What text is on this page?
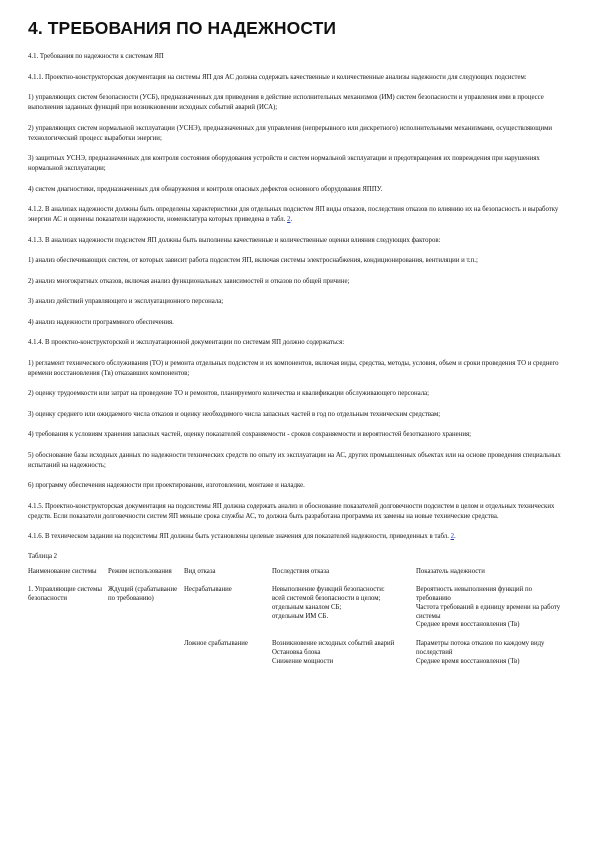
4. ТРЕБОВАНИЯ ПО НАДЕЖНОСТИ

4.1. Требования по надежности к системам ЯП

4.1.1. Проектно-конструкторская документация на системы ЯП для АС должна содержать качественные и количественные анализы надежности для следующих подсистем:

1) управляющих систем безопасности (УСБ), предназначенных для приведения в действие исполнительных механизмов (ИМ) систем безопасности и управления ими в процессе выполнения заданных функций при возникновении исходных событий аварий (ИСА);

2) управляющих систем нормальной эксплуатации (УСНЭ), предназначенных для управления (непрерывного или дискретного) исполнительными механизмами, осуществляющими технологический процесс выработки энергии;

3) защитных УСНЭ, предназначенных для контроля состояния оборудования устройств и систем нормальной эксплуатации и предотвращения их повреждения при нарушениях нормальной эксплуатации;

4) систем диагностики, предназначенных для обнаружения и контроля опасных дефектов основного оборудования ЯППУ.

4.1.2. В анализах надежности должны быть определены характеристики для отдельных подсистем ЯП виды отказов, последствия отказов по влиянию их на безопасность и выработку энергии АС и оценены показатели надежности, номенклатура которых приведена в табл. 2.

4.1.3. В анализах надежности подсистем ЯП должны быть выполнены качественные и количественные оценки влияния следующих факторов:

1) анализ обеспечивающих систем, от которых зависит работа подсистем ЯП, включая системы электроснабжения, кондиционирования, вентиляции и т.п.;

2) анализ многократных отказов, включая анализ функциональных зависимостей и отказов по общей причине;

3) анализ действий управляющего и эксплуатационного персонала;

4) анализ надежности программного обеспечения.

4.1.4. В проектно-конструкторской и эксплуатационной документации по системам ЯП должно содержаться:

1) регламент технического обслуживания (ТО) и ремонта отдельных подсистем и их компонентов, включая виды, средства, методы, условия, объем и сроки проведения ТО и среднего времени восстановления (Тв) отказавших компонентов;

2) оценку трудоемкости или затрат на проведение ТО и ремонтов, планируемого количества и квалификации обслуживающего персонала;

3) оценку среднего или ожидаемого числа отказов и оценку необходимого числа запасных частей в год по отдельным техническим средствам;

4) требования к условиям хранения запасных частей, оценку показателей сохраняемости - сроков сохраняемости и вероятностей безотказного хранения;

5) обоснование базы исходных данных по надежности технических средств по опыту их эксплуатации на АС, других промышленных объектах или на основе проведения специальных испытаний на надежность;

6) программу обеспечения надежности при проектировании, изготовлении, монтаже и наладке.

4.1.5. Проектно-конструкторская документация на подсистемы ЯП должна содержать анализ и обоснование показателей долговечности подсистем в целом и отдельных технических средств. Если показатели долговечности систем ЯП меньше срока службы АС, то должна быть разработана программа их замены на новые технические средства.

4.1.6. В техническом задании на подсистемы ЯП должны быть установлены целевые значения для показателей надежности, приведенных в табл. 2.

Таблица 2

Наименование системы	Режим использования	Вид отказа	Последствия отказа	Показатель надежности
1. Управляющие системы безопасности	Ждущий (срабатывание по требованию)	Несрабатывание	Невыполнение функций безопасности:
всей системой безопасности в целом;
отдельным каналом СБ;
отдельным ИМ СБ.	Вероятность невыполнения функций по требованию
Частота требований в единицу времени на работу системы
Среднее время восстановления (Тв)
		Ложное срабатывание	Возникновение исходных событий аварий
Остановка блока
Снижение мощности	Параметры потока отказов по каждому виду последствий
Среднее время восстановления (Тв)
